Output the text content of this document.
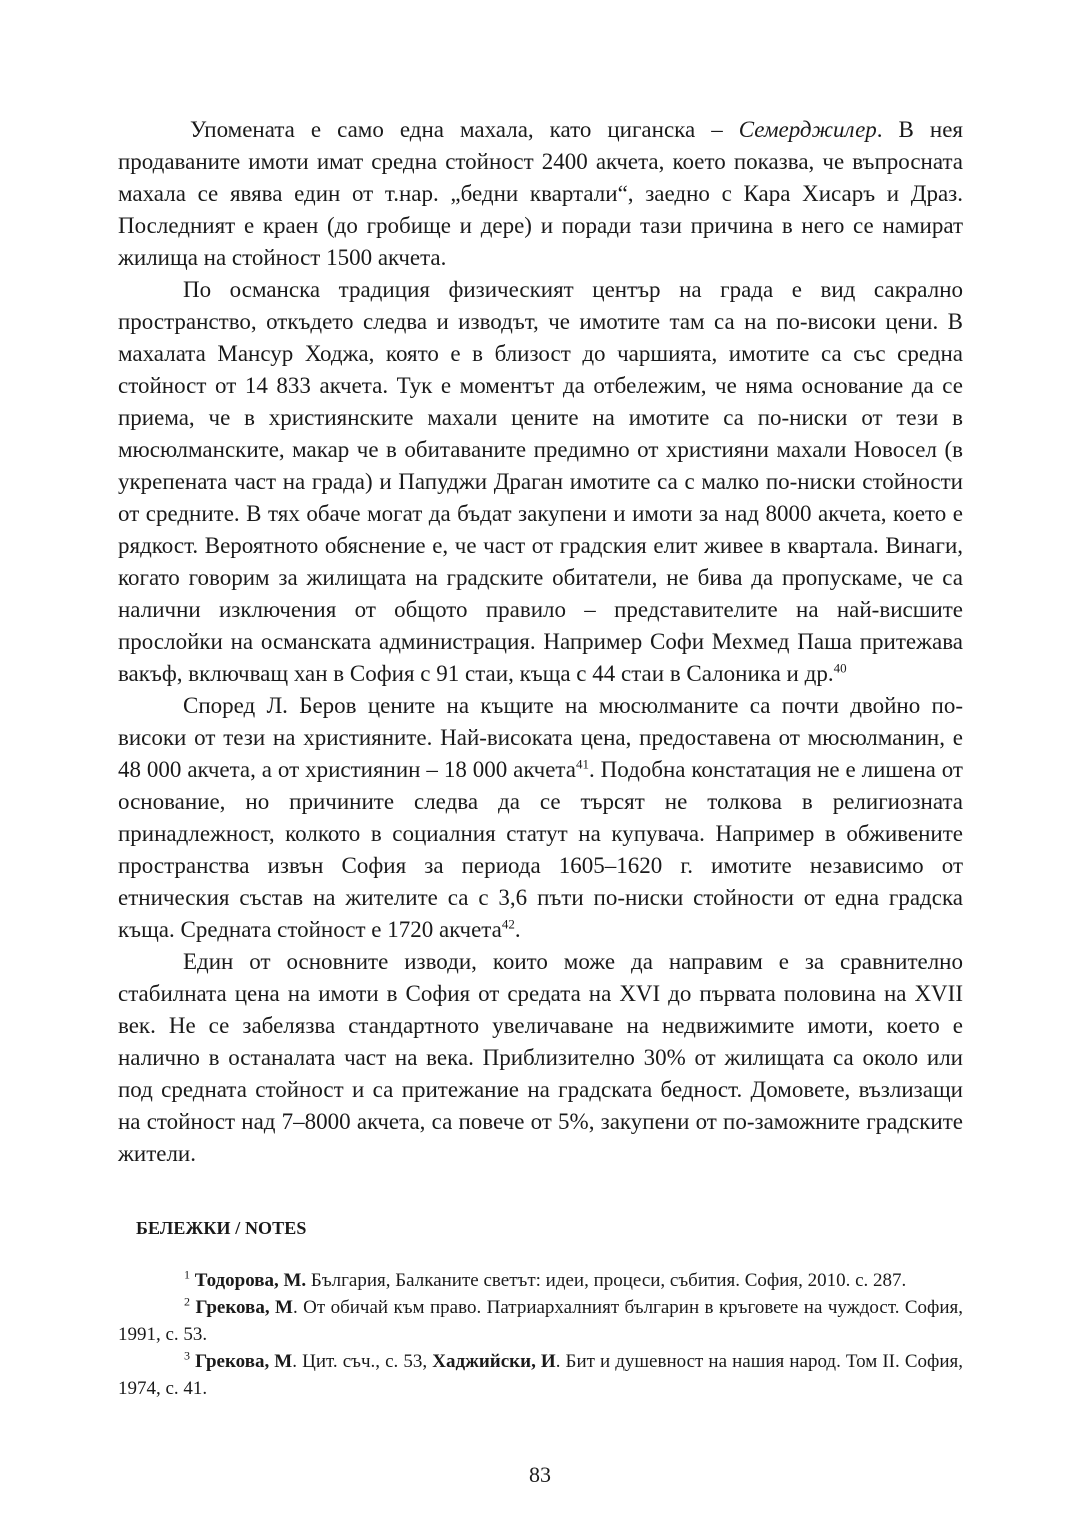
Упомената е само една махала, като циганска – Семерджилер. В нея продаваните имоти имат средна стойност 2400 акчета, което показва, че въпросната махала се явява един от т.нар. „бедни квартали“, заедно с Кара Хисаръ и Драз. Последният е краен (до гробище и дере) и поради тази причина в него се намират жилища на стойност 1500 акчета.

По османска традиция физическият център на града е вид сакрално пространство, откъдето следва и изводът, че имотите там са на по-високи цени. В махалата Мансур Ходжа, която е в близост до чаршията, имотите са със средна стойност от 14 833 акчета. Тук е моментът да отбележим, че няма основание да се приема, че в християнските махали цените на имотите са по-ниски от тези в мюсюлманските, макар че в обитаваните предимно от християни махали Новосел (в укрепената част на града) и Папуджи Драган имотите са с малко по-ниски стойности от средните. В тях обаче могат да бъдат закупени и имоти за над 8000 акчета, което е рядкост. Вероятното обяснение е, че част от градския елит живее в квартала. Винаги, когато говорим за жилищата на градските обитатели, не бива да пропускаме, че са налични изключения от общото правило – представителите на най-висшите прослойки на османската администрация. Например Софи Мехмед Паша притежава вакъф, включващ хан в София с 91 стаи, къща с 44 стаи в Салоника и др.$^{40}$

Според Л. Беров цените на къщите на мюсюлманите са почти двойно по-високи от тези на християните. Най-високата цена, предоставена от мюсюлманин, е 48 000 акчета, а от християнин – 18 000 акчета$^{41}$. Подобна констатация не е лишена от основание, но причините следва да се търсят не толкова в религиозната принадлежност, колкото в социалния статут на купувача. Например в обживените пространства извън София за периода 1605–1620 г. имотите независимо от етническия състав на жителите са с 3,6 пъти по-ниски стойности от една градска къща. Средната стойност е 1720 акчета$^{42}$.

Един от основните изводи, които може да направим е за сравнително стабилната цена на имоти в София от средата на XVI до първата половина на XVII век. Не се забелязва стандартното увеличаване на недвижимите имоти, което е налично в останалата част на века. Приблизително 30% от жилищата са около или под средната стойност и са притежание на градската бедност. Домовете, възлизащи на стойност над 7–8000 акчета, са повече от 5%, закупени от по-заможните градските жители.

БЕЛЕЖКИ / NOTES

$^1$ Тодорова, М. България, Балканите светът: идеи, процеси, събития. София, 2010. с. 287.

$^2$ Грекова, М. От обичай към право. Патриархалният българин в кръговете на чуждост. София, 1991, с. 53.

$^3$ Грекова, М. Цит. съч., с. 53, Хаджийски, И. Бит и душевност на нашия народ. Том II. София, 1974, с. 41.

83
